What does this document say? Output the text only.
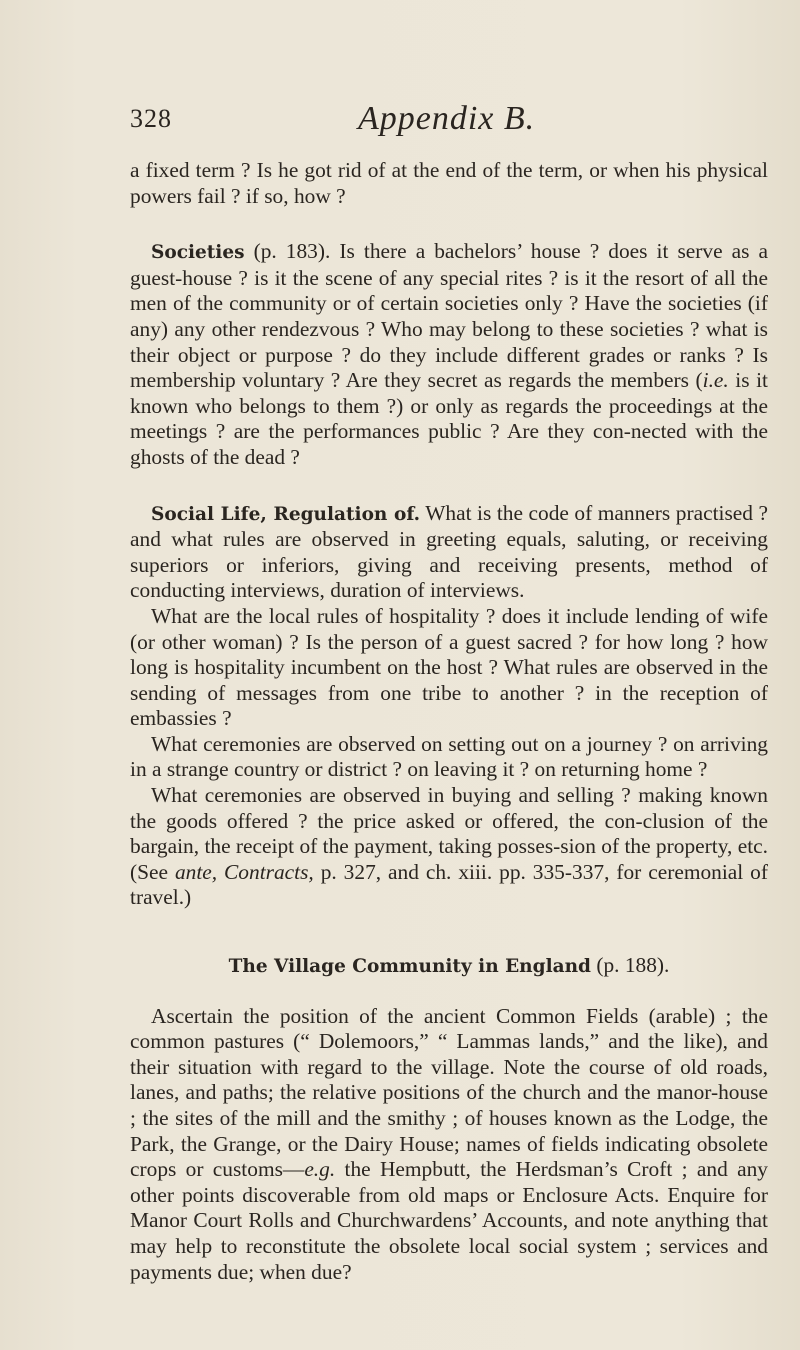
328	Appendix B.

a fixed term ? Is he got rid of at the end of the term, or when his physical powers fail ? if so, how ?

Societies (p. 183). Is there a bachelors’ house ? does it serve as a guest-house ? is it the scene of any special rites ? is it the resort of all the men of the community or of certain societies only ? Have the societies (if any) any other rendezvous ? Who may belong to these societies ? what is their object or purpose ? do they include different grades or ranks ? Is membership voluntary ? Are they secret as regards the members (i.e. is it known who belongs to them ?) or only as regards the proceedings at the meetings ? are the performances public ? Are they con-nected with the ghosts of the dead ?

Social Life, Regulation of. What is the code of manners practised ? and what rules are observed in greeting equals, saluting, or receiving superiors or inferiors, giving and receiving presents, method of conducting interviews, duration of interviews.

What are the local rules of hospitality ? does it include lending of wife (or other woman) ? Is the person of a guest sacred ? for how long ? how long is hospitality incumbent on the host ? What rules are observed in the sending of messages from one tribe to another ? in the reception of embassies ?

What ceremonies are observed on setting out on a journey ? on arriving in a strange country or district ? on leaving it ? on returning home ?

What ceremonies are observed in buying and selling ? making known the goods offered ? the price asked or offered, the con-clusion of the bargain, the receipt of the payment, taking posses-sion of the property, etc. (See ante, Contracts, p. 327, and ch. xiii. pp. 335-337, for ceremonial of travel.)

The Village Community in England (p. 188).

Ascertain the position of the ancient Common Fields (arable) ; the common pastures (“ Dolemoors,” “ Lammas lands,” and the like), and their situation with regard to the village. Note the course of old roads, lanes, and paths; the relative positions of the church and the manor-house ; the sites of the mill and the smithy ; of houses known as the Lodge, the Park, the Grange, or the Dairy House; names of fields indicating obsolete crops or customs—e.g. the Hempbutt, the Herdsman’s Croft ; and any other points discoverable from old maps or Enclosure Acts. Enquire for Manor Court Rolls and Churchwardens’ Accounts, and note anything that may help to reconstitute the obsolete local social system ; services and payments due; when due?
